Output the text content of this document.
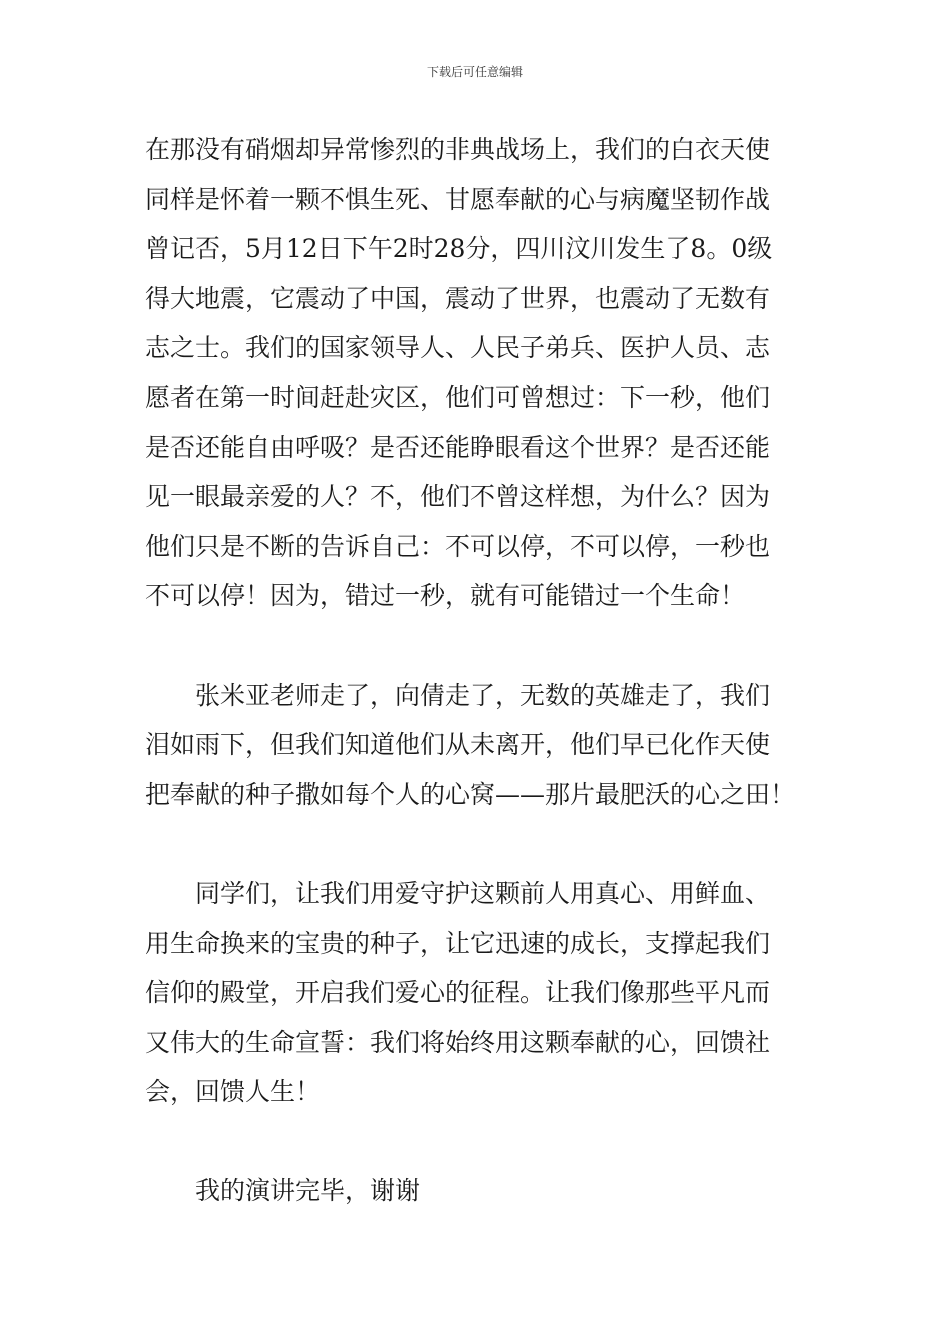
下载后可任意编辑
在那没有硝烟却异常惨烈的非典战场上，我们的白衣天使
同样是怀着一颗不惧生死、甘愿奉献的心与病魔坚韧作战
曾记否，5月12日下午2时28分，四川汶川发生了8。0级
得大地震，它震动了中国，震动了世界，也震动了无数有
志之士。我们的国家领导人、人民子弟兵、医护人员、志
愿者在第一时间赶赴灾区，他们可曾想过：下一秒，他们
是否还能自由呼吸？是否还能睁眼看这个世界？是否还能
见一眼最亲爱的人？不，他们不曾这样想，为什么？因为
他们只是不断的告诉自己：不可以停，不可以停，一秒也
不可以停！因为，错过一秒，就有可能错过一个生命！
张米亚老师走了，向倩走了，无数的英雄走了，我们
泪如雨下，但我们知道他们从未离开，他们早已化作天使
把奉献的种子撒如每个人的心窝——那片最肥沃的心之田！
同学们，让我们用爱守护这颗前人用真心、用鲜血、
用生命换来的宝贵的种子，让它迅速的成长，支撑起我们
信仰的殿堂，开启我们爱心的征程。让我们像那些平凡而
又伟大的生命宣誓：我们将始终用这颗奉献的心，回馈社
会，回馈人生！
我的演讲完毕，谢谢
